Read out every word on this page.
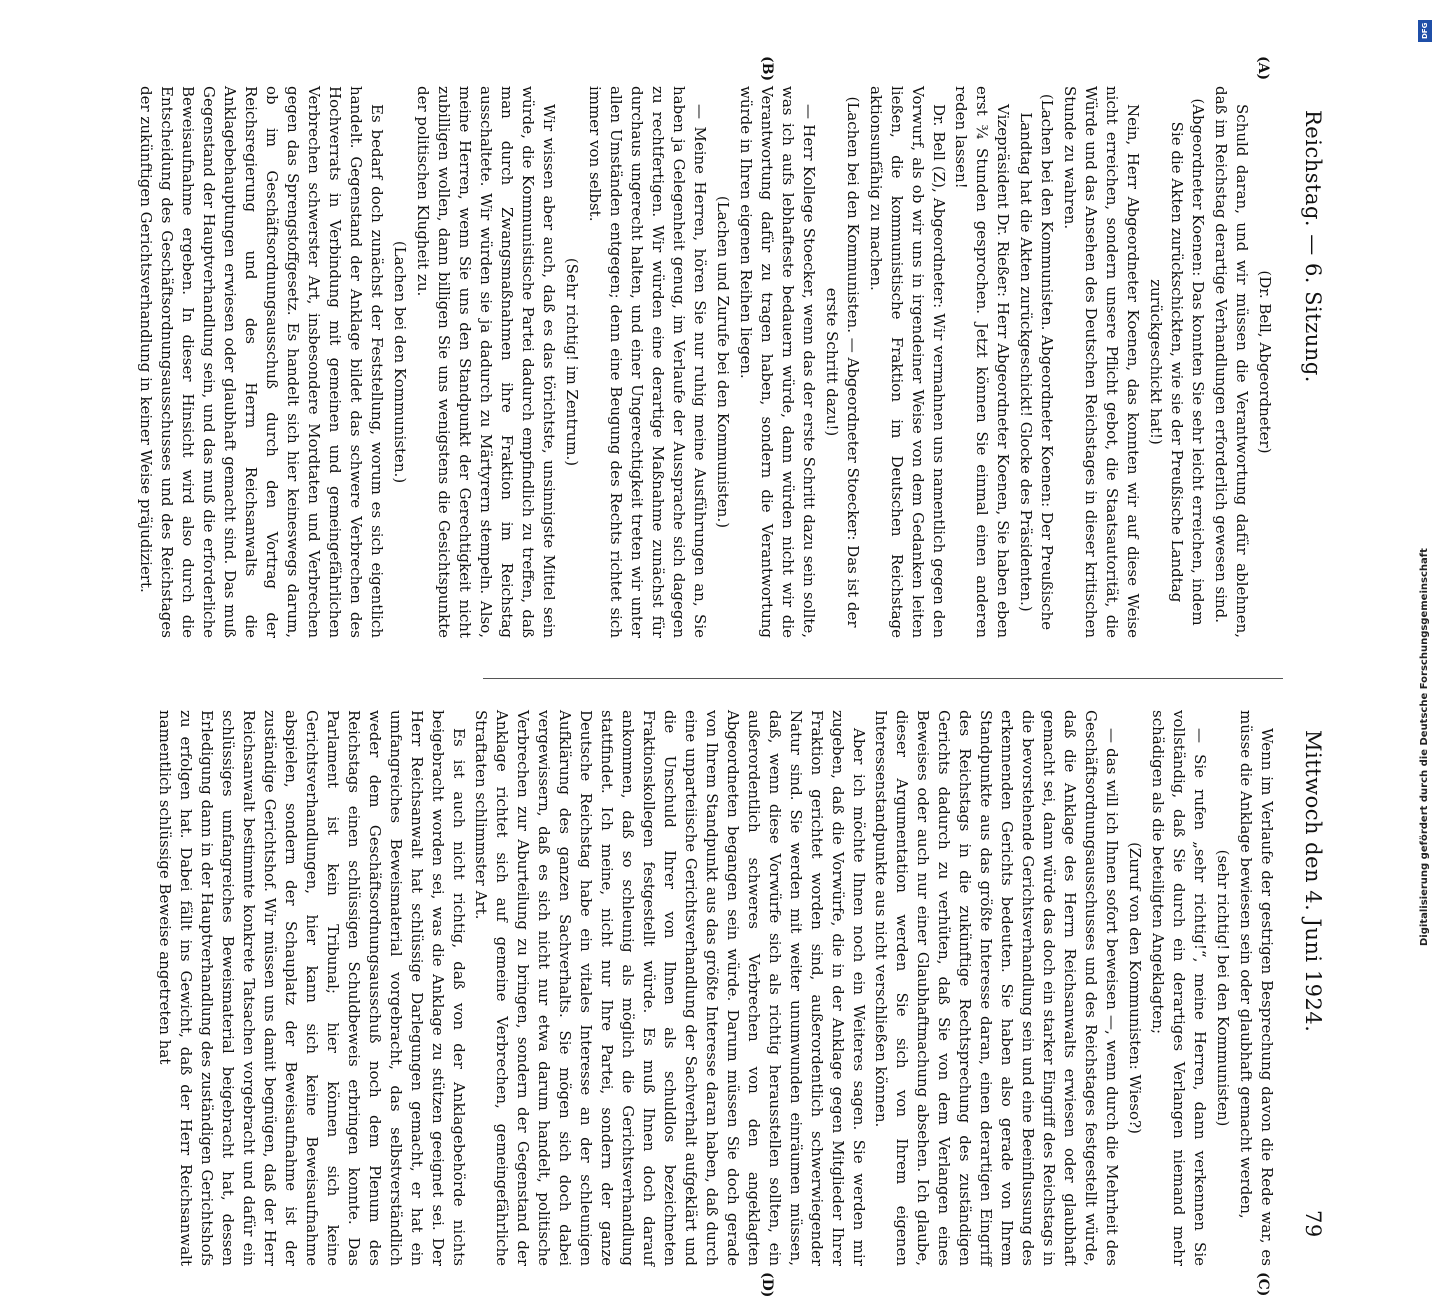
Reichstag. — 6. Sitzung.
Mittwoch den 4. Juni 1924.
79
(A)
(B)
(C)
(D)

(Dr. Bell, Abgeordneter)

Schuld daran, und wir müssen die Verantwortung dafür ablehnen, daß im Reichstag derartige Verhandlungen erforderlich gewesen sind.

(Abgeordneter Koenen: Das konnten Sie sehr leicht erreichen, indem Sie die Akten zurückschickten, wie sie der Preußische Landtag zurückgeschickt hat!)

Nein, Herr Abgeordneter Koenen, das konnten wir auf diese Weise nicht erreichen, sondern unsere Pflicht gebot, die Staatsautorität, die Würde und das Ansehen des Deutschen Reichstages in dieser kritischen Stunde zu wahren.

(Lachen bei den Kommunisten. Abgeordneter Koenen: Der Preußische Landtag hat die Akten zurückgeschickt! Glocke des Präsidenten.)

Vizepräsident Dr. Rießer: Herr Abgeordneter Koenen, Sie haben eben erst ¾ Stunden gesprochen. Jetzt können Sie einmal einen anderen reden lassen!

Dr. Bell (Z), Abgeordneter: Wir vermahnen uns namentlich gegen den Vorwurf, als ob wir uns in irgendeiner Weise von dem Gedanken leiten ließen, die kommunistische Fraktion im Deutschen Reichstage aktionsunfähig zu machen.

(Lachen bei den Kommunisten. — Abgeordneter Stoecker: Das ist der erste Schritt dazu!)

— Herr Kollege Stoecker, wenn das der erste Schritt dazu sein sollte, was ich aufs lebhafteste bedauern würde, dann würden nicht wir die Verantwortung dafür zu tragen haben, sondern die Verantwortung würde in Ihren eigenen Reihen liegen.

(Lachen und Zurufe bei den Kommunisten.)

— Meine Herren, hören Sie nur ruhig meine Ausführungen an, Sie haben ja Gelegenheit genug, im Verlaufe der Aussprache sich dagegen zu rechtfertigen. Wir würden eine derartige Maßnahme zunächst für durchaus ungerecht halten, und einer Ungerechtigkeit treten wir unter allen Umständen entgegen; denn eine Beugung des Rechts richtet sich immer von selbst.

(Sehr richtig! im Zentrum.)

Wir wissen aber auch, daß es das törichtste, unsinnigste Mittel sein würde, die Kommunistische Partei dadurch empfindlich zu treffen, daß man durch Zwangsmaßnahmen ihre Fraktion im Reichstag ausschaltete. Wir würden sie ja dadurch zu Märtyrern stempeln. Also, meine Herren, wenn Sie uns den Standpunkt der Gerechtigkeit nicht zubilligen wollen, dann billigen Sie uns wenigstens die Gesichtspunkte der politischen Klugheit zu.

(Lachen bei den Kommunisten.)

Es bedarf doch zunächst der Feststellung, worum es sich eigentlich handelt. Gegenstand der Anklage bildet das schwere Verbrechen des Hochverrats in Verbindung mit gemeinen und gemeingefährlichen Verbrechen schwerster Art, insbesondere Mordtaten und Verbrechen gegen das Sprengstoffgesetz. Es handelt sich hier keineswegs darum, ob im Geschäftsordnungsausschuß durch den Vortrag der Reichsregierung und des Herrn Reichsanwalts die Anklagebehauptungen erwiesen oder glaubhaft gemacht sind. Das muß Gegenstand der Hauptverhandlung sein, und das muß die erforderliche Beweisaufnahme ergeben. In dieser Hinsicht wird also durch die Entscheidung des Geschäftsordnungsausschusses und des Reichstages der zukünftigen Gerichtsverhandlung in keiner Weise präjudiziert.

Wenn im Verlaufe der gestrigen Besprechung davon die Rede war, es müsse die Anklage bewiesen sein oder glaubhaft gemacht werden,

(sehr richtig! bei den Kommunisten)

— Sie rufen „sehr richtig!“, meine Herren, dann verkennen Sie vollständig, daß Sie durch ein derartiges Verlangen niemand mehr schädigen als die beteiligten Angeklagten;

(Zuruf von den Kommunisten: Wieso?)

— das will ich Ihnen sofort beweisen —, wenn durch die Mehrheit des Geschäftsordnungsausschusses und des Reichstages festgestellt würde, daß die Anklage des Herrn Reichsanwalts erwiesen oder glaubhaft gemacht sei, dann würde das doch ein starker Eingriff des Reichstags in die bevorstehende Gerichtsverhandlung sein und eine Beeinflussung des erkennenden Gerichts bedeuten. Sie haben also gerade von Ihrem Standpunkte aus das größte Interesse daran, einen derartigen Eingriff des Reichstags in die zukünftige Rechtsprechung des zuständigen Gerichts dadurch zu verhüten, daß Sie von dem Verlangen eines Beweises oder auch nur einer Glaubhaftmachung absehen. Ich glaube, dieser Argumentation werden Sie sich von Ihrem eigenen Interessenstandpunkte aus nicht verschließen können.

Aber ich möchte Ihnen noch ein Weiteres sagen. Sie werden mir zugeben, daß die Vorwürfe, die in der Anklage gegen Mitglieder Ihrer Fraktion gerichtet worden sind, außerordentlich schwerwiegender Natur sind. Sie werden mit weiter unumwunden einräumen müssen, daß, wenn diese Vorwürfe sich als richtig herausstellen sollten, ein außerordentlich schweres Verbrechen von den angeklagten Abgeordneten begangen sein würde. Darum müssen Sie doch gerade von Ihrem Standpunkt aus das größte Interesse daran haben, daß durch eine unparteiische Gerichtsverhandlung der Sachverhalt aufgeklärt und die Unschuld Ihrer von Ihnen als schuldlos bezeichneten Fraktionskollegen festgestellt würde. Es muß Ihnen doch darauf ankommen, daß so schleunig als möglich die Gerichtsverhandlung stattfindet. Ich meine, nicht nur Ihre Partei, sondern der ganze Deutsche Reichstag habe ein vitales Interesse an der schleunigen Aufklärung des ganzen Sachverhalts. Sie mögen sich doch dabei vergewissern, daß es sich nicht nur etwa darum handelt, politische Verbrechen zur Aburteilung zu bringen, sondern der Gegenstand der Anklage richtet sich auf gemeine Verbrechen, gemeingefährliche Straftaten schlimmster Art.

Es ist auch nicht richtig, daß von der Anklagebehörde nichts beigebracht worden sei, was die Anklage zu stützen geeignet sei. Der Herr Reichsanwalt hat schlüssige Darlegungen gemacht, er hat ein umfangreiches Beweismaterial vorgebracht, das selbstverständlich weder dem Geschäftsordnungsausschuß noch dem Plenum des Reichstags einen schlüssigen Schuldbeweis erbringen konnte. Das Parlament ist kein Tribunal; hier können sich keine Gerichtsverhandlungen, hier kann sich keine Beweisaufnahme abspielen, sondern der Schauplatz der Beweisaufnahme ist der zuständige Gerichtshof. Wir müssen uns damit begnügen, daß der Herr Reichsanwalt bestimmte konkrete Tatsachen vorgebracht und dafür ein schlüssiges umfangreiches Beweismaterial beigebracht hat, dessen Erledigung dann in der Hauptverhandlung des zuständigen Gerichtshofs zu erfolgen hat. Dabei fällt ins Gewicht, daß der Herr Reichsanwalt namentlich schlüssige Beweise angetreten hat

DFG
Digitalisierung gefördert durch die Deutsche Forschungsgemeinschaft
